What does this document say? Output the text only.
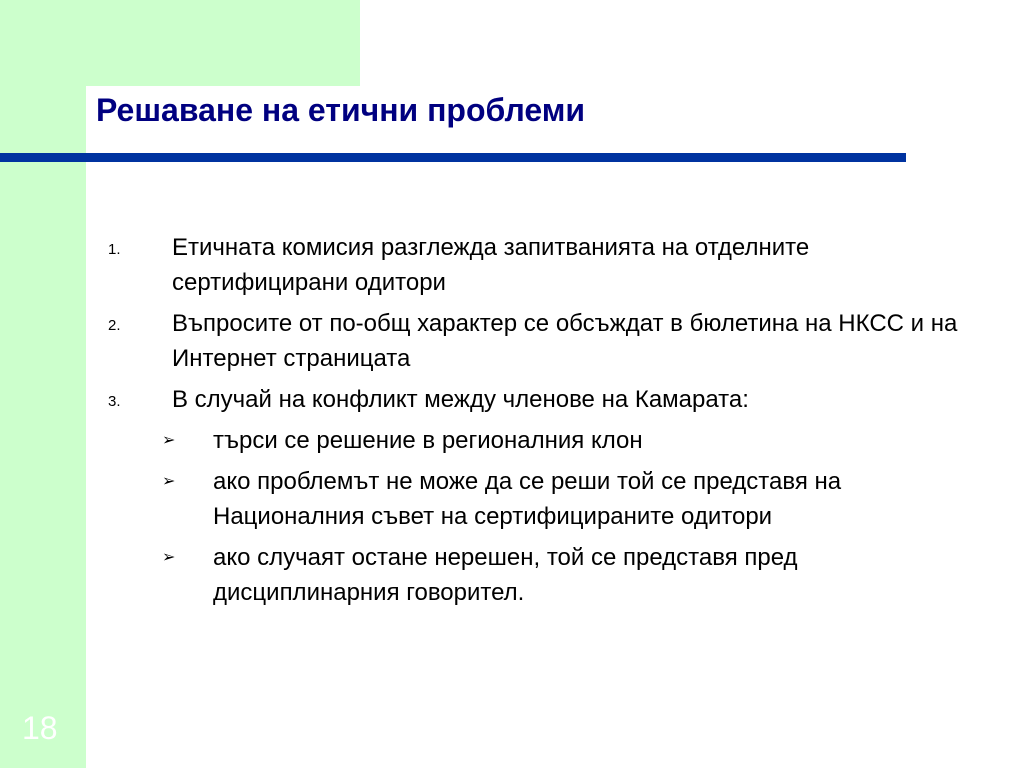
Решаване на етични проблеми
1. Етичната комисия разглежда запитванията на отделните сертифицирани одитори
2. Въпросите от по-общ характер се обсъждат в бюлетина на НКСС и на Интернет страницата
3. В случай на конфликт между членове на Камарата:
➢ търси се решение в регионалния клон
➢ ако проблемът не може да се реши той се представя на Националния съвет на сертифицираните одитори
➢ ако случаят остане нерешен, той се представя пред дисциплинарния говорител.
18
